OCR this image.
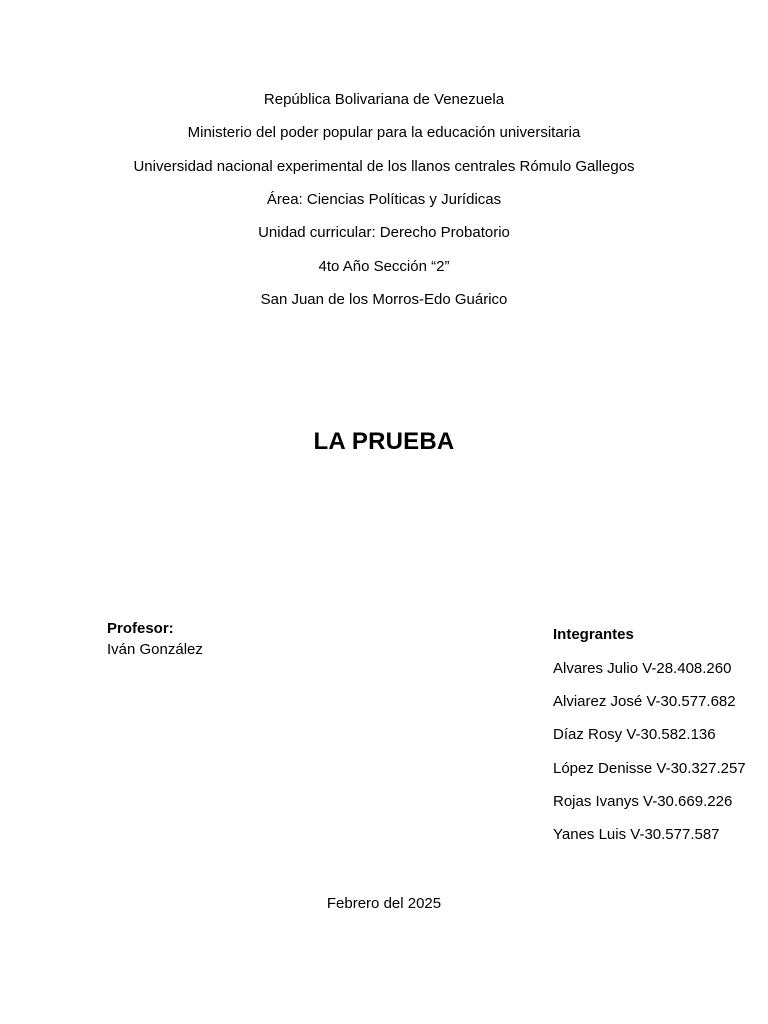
República Bolivariana de Venezuela
Ministerio del poder popular para la educación universitaria
Universidad nacional experimental de los llanos centrales Rómulo Gallegos
Área: Ciencias Políticas y Jurídicas
Unidad curricular: Derecho Probatorio
4to Año Sección “2”
San Juan de los Morros-Edo Guárico
LA PRUEBA
Profesor:
Iván González
Integrantes
Alvares Julio V-28.408.260
Alviarez José V-30.577.682
Díaz Rosy V-30.582.136
López Denisse V-30.327.257
Rojas Ivanys V-30.669.226
Yanes Luis V-30.577.587
Febrero del 2025
